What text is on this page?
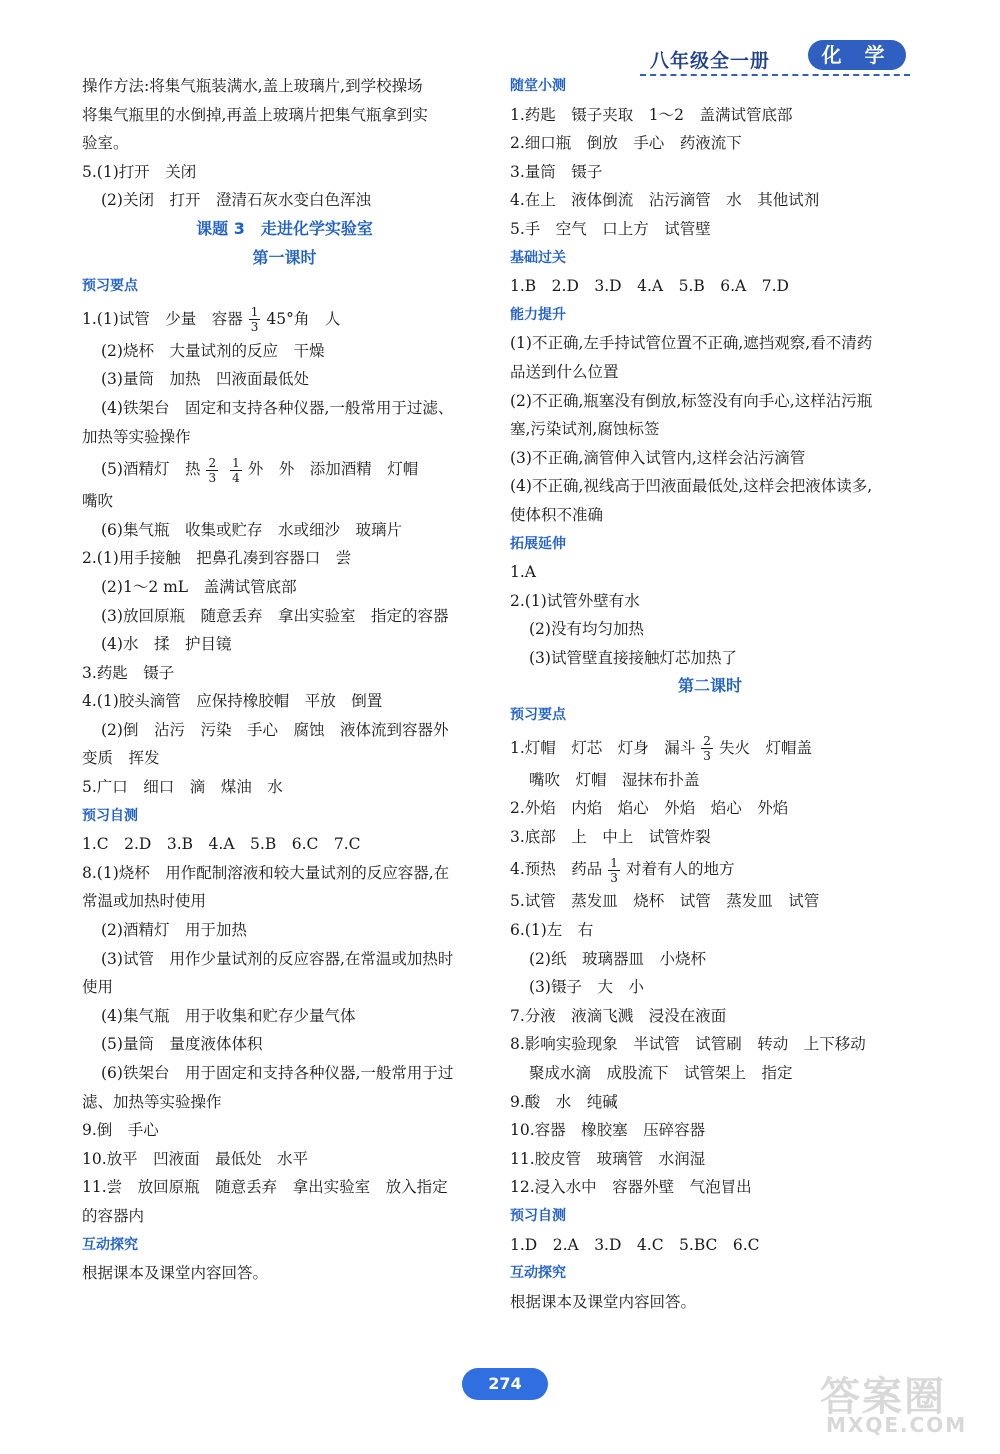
八年级全一册	化 学
操作方法:将集气瓶装满水,盖上玻璃片,到学校操场
将集气瓶里的水倒掉,再盖上玻璃片把集气瓶拿到实
验室。
5.(1)打开　关闭
(2)关闭　打开　澄清石灰水变白色浑浊
课题 3　走进化学实验室
第一课时
预习要点
1.(1)试管　少量　容器 $\frac{1}{3} 45^\circ$角　人
(2)烧杯　大量试剂的反应　干燥
(3)量筒　加热　凹液面最低处
(4)铁架台　固定和支持各种仪器,一般常用于过滤、
加热等实验操作
(5)酒精灯　热 $\frac{2}{3} \frac{1}{4}$ 外　外　添加酒精　灯帽
嘴吹
(6)集气瓶　收集或贮存　水或细沙　玻璃片
2.(1)用手接触　把鼻孔凑到容器口　尝
(2)1～2 mL　盖满试管底部
(3)放回原瓶　随意丢弃　拿出实验室　指定的容器
(4)水　揉　护目镜
3.药匙　镊子
4.(1)胶头滴管　应保持橡胶帽　平放　倒置
(2)倒　沾污　污染　手心　腐蚀　液体流到容器外
变质　挥发
5.广口　细口　滴　煤油　水
预习自测
1.C　2.D　3.B　4.A　5.B　6.C　7.C
8.(1)烧杯　用作配制溶液和较大量试剂的反应容器,在
常温或加热时使用
(2)酒精灯　用于加热
(3)试管　用作少量试剂的反应容器,在常温或加热时
使用
(4)集气瓶　用于收集和贮存少量气体
(5)量筒　量度液体体积
(6)铁架台　用于固定和支持各种仪器,一般常用于过
滤、加热等实验操作
9.倒　手心
10.放平　凹液面　最低处　水平
11.尝　放回原瓶　随意丢弃　拿出实验室　放入指定
的容器内
互动探究
根据课本及课堂内容回答。
随堂小测
1.药匙　镊子夹取　1～2　盖满试管底部
2.细口瓶　倒放　手心　药液流下
3.量筒　镊子
4.在上　液体倒流　沾污滴管　水　其他试剂
5.手　空气　口上方　试管壁
基础过关
1.B　2.D　3.D　4.A　5.B　6.A　7.D
能力提升
(1)不正确,左手持试管位置不正确,遮挡观察,看不清药
品送到什么位置
(2)不正确,瓶塞没有倒放,标签没有向手心,这样沾污瓶
塞,污染试剂,腐蚀标签
(3)不正确,滴管伸入试管内,这样会沾污滴管
(4)不正确,视线高于凹液面最低处,这样会把液体读多,
使体积不准确
拓展延伸
1.A
2.(1)试管外壁有水
(2)没有均匀加热
(3)试管壁直接接触灯芯加热了
第二课时
预习要点
1.灯帽　灯芯　灯身　漏斗 $\frac{2}{3}$ 失火　灯帽盖
嘴吹　灯帽　湿抹布扑盖
2.外焰　内焰　焰心　外焰　焰心　外焰
3.底部　上　中上　试管炸裂
4.预热　药品 $\frac{1}{3}$ 对着有人的地方
5.试管　蒸发皿　烧杯　试管　蒸发皿　试管
6.(1)左　右
(2)纸　玻璃器皿　小烧杯
(3)镊子　大　小
7.分液　液滴飞溅　浸没在液面
8.影响实验现象　半试管　试管刷　转动　上下移动
聚成水滴　成股流下　试管架上　指定
9.酸　水　纯碱
10.容器　橡胶塞　压碎容器
11.胶皮管　玻璃管　水润湿
12.浸入水中　容器外壁　气泡冒出
预习自测
1.D　2.A　3.D　4.C　5.BC　6.C
互动探究
根据课本及课堂内容回答。
274	答案圈
MXQE.COM
